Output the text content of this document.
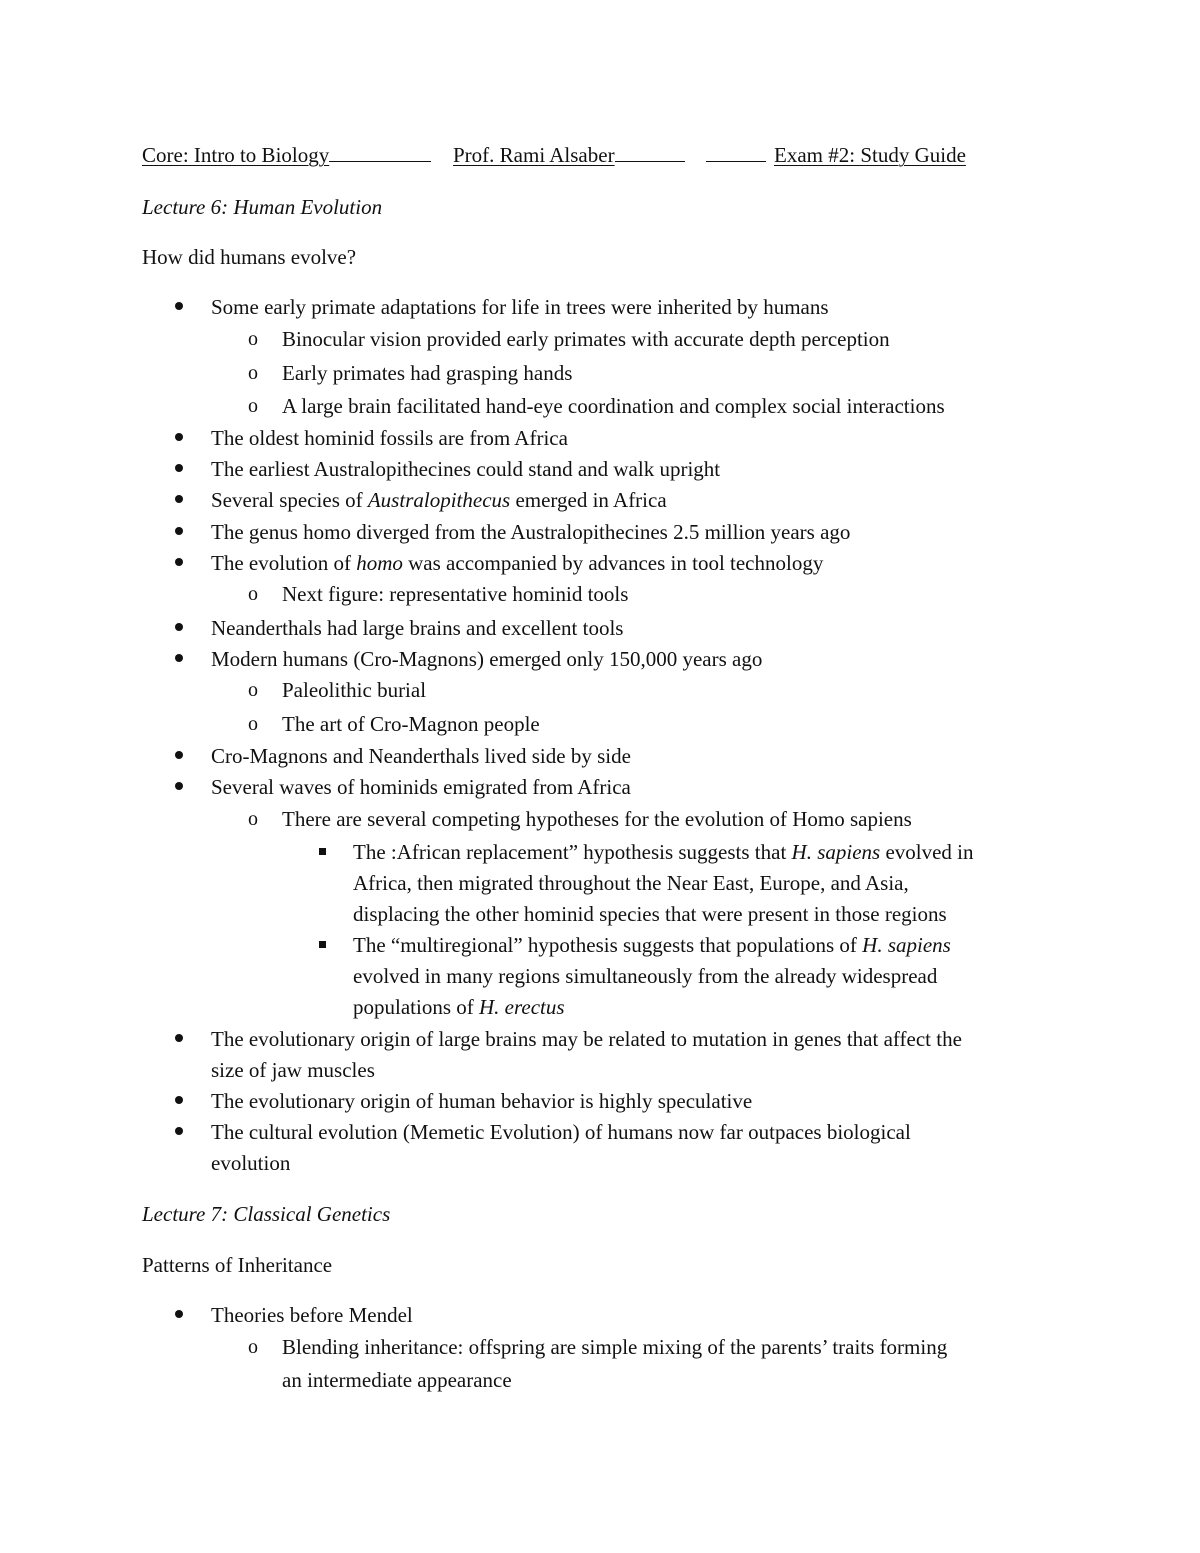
Core: Intro to Biology	Prof. Rami Alsaber	Exam #2: Study Guide
Lecture 6: Human Evolution
How did humans evolve?
Some early primate adaptations for life in trees were inherited by humans
o Binocular vision provided early primates with accurate depth perception
o Early primates had grasping hands
o A large brain facilitated hand-eye coordination and complex social interactions
The oldest hominid fossils are from Africa
The earliest Australopithecines could stand and walk upright
Several species of Australopithecus emerged in Africa
The genus homo diverged from the Australopithecines 2.5 million years ago
The evolution of homo was accompanied by advances in tool technology
o Next figure: representative hominid tools
Neanderthals had large brains and excellent tools
Modern humans (Cro-Magnons) emerged only 150,000 years ago
o Paleolithic burial
o The art of Cro-Magnon people
Cro-Magnons and Neanderthals lived side by side
Several waves of hominids emigrated from Africa
o There are several competing hypotheses for the evolution of Homo sapiens
The :African replacement” hypothesis suggests that H. sapiens evolved in
Africa, then migrated throughout the Near East, Europe, and Asia,
displacing the other hominid species that were present in those regions
The “multiregional” hypothesis suggests that populations of H. sapiens
evolved in many regions simultaneously from the already widespread
populations of H. erectus
The evolutionary origin of large brains may be related to mutation in genes that affect the
size of jaw muscles
The evolutionary origin of human behavior is highly speculative
The cultural evolution (Memetic Evolution) of humans now far outpaces biological
evolution
Lecture 7: Classical Genetics
Patterns of Inheritance
Theories before Mendel
o Blending inheritance: offspring are simple mixing of the parents’ traits forming
an intermediate appearance
